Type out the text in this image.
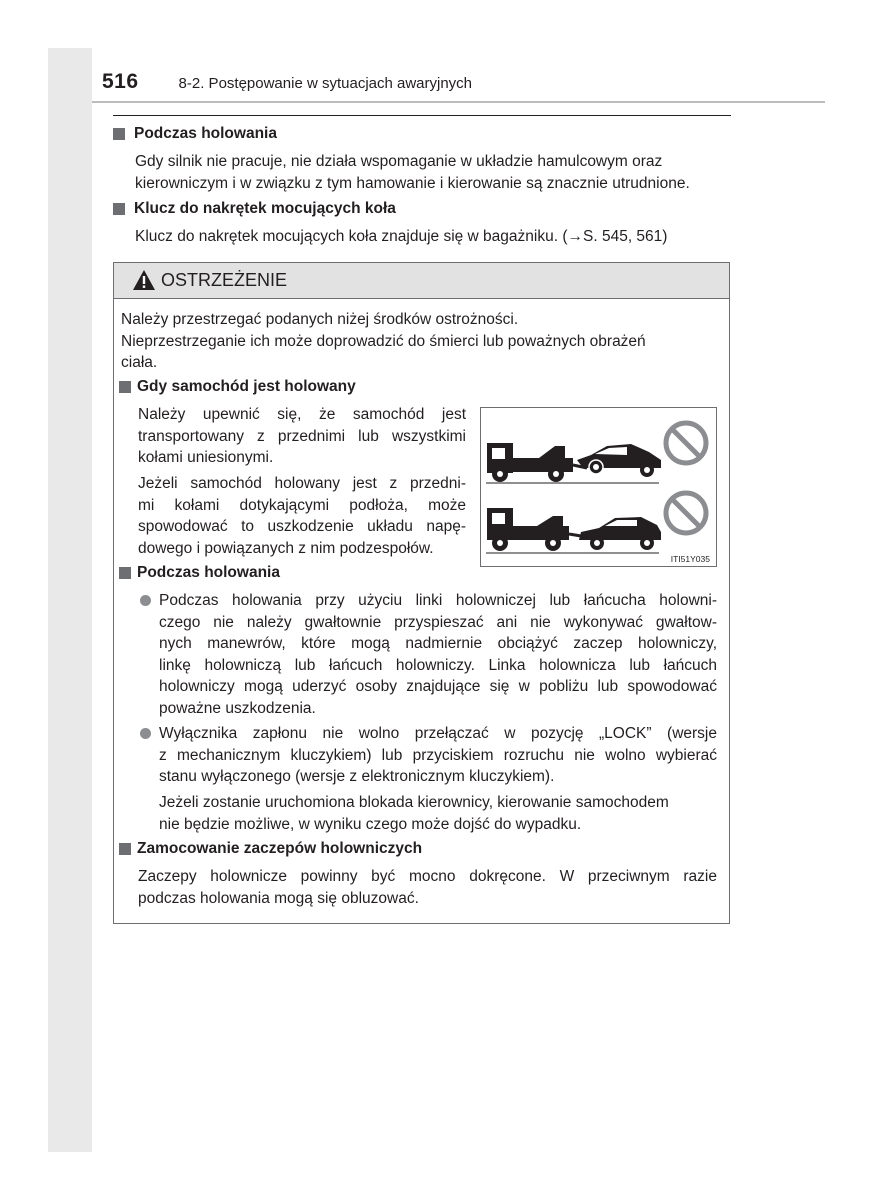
516	8-2. Postępowanie w sytuacjach awaryjnych
Podczas holowania
Gdy silnik nie pracuje, nie działa wspomaganie w układzie hamulcowym oraz
kierowniczym i w związku z tym hamowanie i kierowanie są znacznie utrudnione.
Klucz do nakrętek mocujących koła
Klucz do nakrętek mocujących koła znajduje się w bagażniku. (→S. 545, 561)
OSTRZEŻENIE
Należy przestrzegać podanych niżej środków ostrożności.
Nieprzestrzeganie ich może doprowadzić do śmierci lub poważnych obrażeń
ciała.
Gdy samochód jest holowany
Należy upewnić się, że samochód jest
transportowany z przednimi lub wszystkimi
kołami uniesionymi.
Jeżeli samochód holowany jest z przedni-
mi kołami dotykającymi podłoża, może
spowodować to uszkodzenie układu napę-
dowego i powiązanych z nim podzespołów.
ITI51Y035
Podczas holowania
Podczas holowania przy użyciu linki holowniczej lub łańcucha holowni-
czego nie należy gwałtownie przyspieszać ani nie wykonywać gwałtow-
nych manewrów, które mogą nadmiernie obciążyć zaczep holowniczy,
linkę holowniczą lub łańcuch holowniczy. Linka holownicza lub łańcuch
holowniczy mogą uderzyć osoby znajdujące się w pobliżu lub spowodować
poważne uszkodzenia.
Wyłącznika zapłonu nie wolno przełączać w pozycję „LOCK” (wersje
z mechanicznym kluczykiem) lub przyciskiem rozruchu nie wolno wybierać
stanu wyłączonego (wersje z elektronicznym kluczykiem).
Jeżeli zostanie uruchomiona blokada kierownicy, kierowanie samochodem
nie będzie możliwe, w wyniku czego może dojść do wypadku.
Zamocowanie zaczepów holowniczych
Zaczepy holownicze powinny być mocno dokręcone. W przeciwnym razie
podczas holowania mogą się obluzować.
